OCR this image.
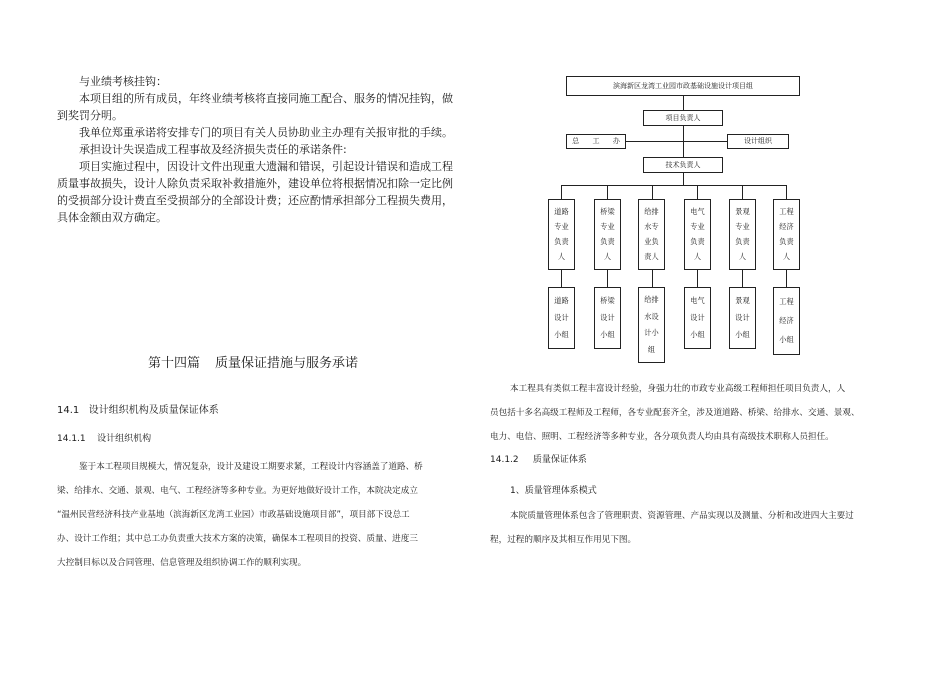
与业绩考核挂钩：
本项目组的所有成员，年终业绩考核将直接同施工配合、服务的情况挂钩，做
到奖罚分明。
我单位郑重承诺将安排专门的项目有关人员协助业主办理有关报审批的手续。
承担设计失误造成工程事故及经济损失责任的承诺条件:
项目实施过程中，因设计文件出现重大遗漏和错误，引起设计错误和造成工程
质量事故损失，设计人除负责采取补救措施外，建设单位将根据情况扣除一定比例
的受损部分设计费直至受损部分的全部设计费；还应酌情承担部分工程损失费用，
具体金额由双方确定。
第十四篇 质量保证措施与服务承诺
14.1   设计组织机构及质量保证体系
14.1.1    设计组织机构
鉴于本工程项目规模大，情况复杂，设计及建设工期要求紧，工程设计内容涵盖了道路、桥
梁、给排水、交通、景观、电气、工程经济等多种专业。为更好地做好设计工作，本院决定成立
“温州民营经济科技产业基地（滨海新区龙湾工业园）市政基础设施项目部”，项目部下设总工
办、设计工作组；其中总工办负责重大技术方案的决策，确保本工程项目的投资、质量、进度三
大控制目标以及合同管理、信息管理及组织协调工作的顺利实现。
滨海新区龙湾工业园市政基础设施设计项目组
项目负责人
总      工      办	设计组织
技术负责人
道路
专业
负责
人
桥梁
专业
负责
人
给排
水专
业负
责人
电气
专业
负责
人
景观
专业
负责
人
工程
经济
负责
人
道路
设计
小组
桥梁
设计
小组
给排
水设
计小
组
电气
设计
小组
景观
设计
小组
工程
经济
小组
本工程具有类似工程丰富设计经验，身强力壮的市政专业高级工程师担任项目负责人，人
员包括十多名高级工程师及工程师，各专业配套齐全，涉及道道路、桥梁、给排水、交通、景观、
电力、电信、照明、工程经济等多种专业，各分项负责人均由具有高级技术职称人员担任。
14.1.2     质量保证体系
1、质量管理体系模式
本院质量管理体系包含了管理职责、资源管理、产品实现以及测量、分析和改进四大主要过
程，过程的顺序及其相互作用见下图。
